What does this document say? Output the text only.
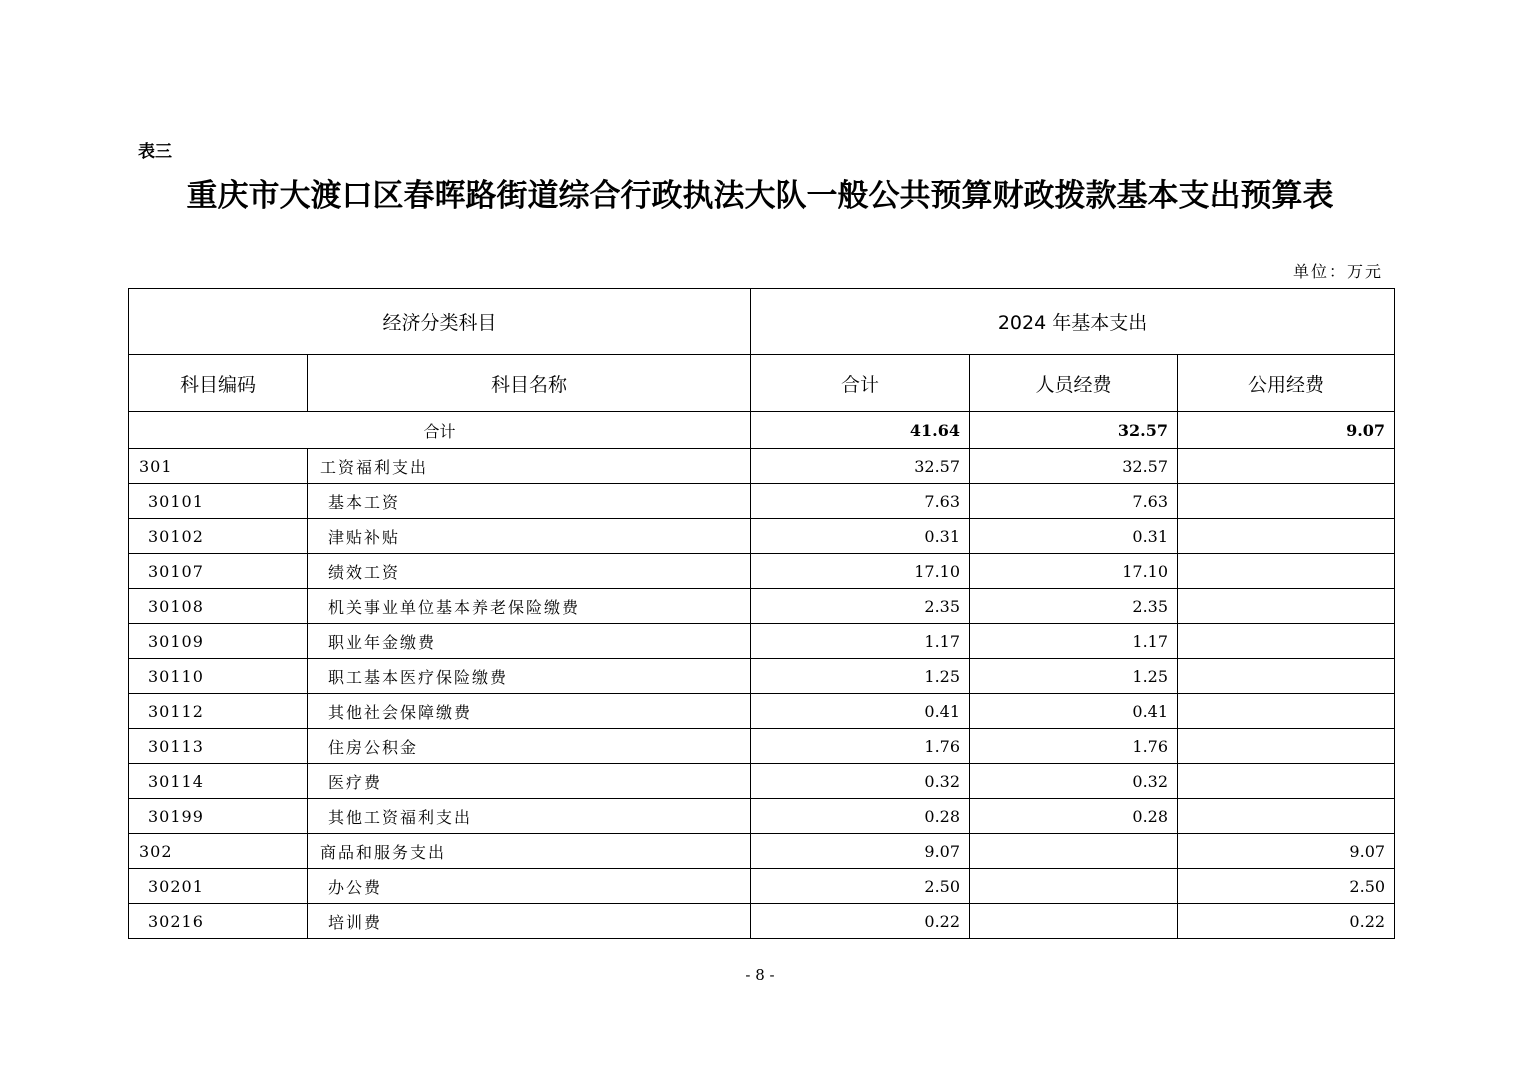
表三
重庆市大渡口区春晖路街道综合行政执法大队一般公共预算财政拨款基本支出预算表
单位：万元
经济分类科目		2024 年基本支出		
科目编码	科目名称	合计	人员经费	公用经费
合计		41.64	32.57	9.07
301	工资福利支出	32.57	32.57	
30101	基本工资	7.63	7.63	
30102	津贴补贴	0.31	0.31	
30107	绩效工资	17.10	17.10	
30108	机关事业单位基本养老保险缴费	2.35	2.35	
30109	职业年金缴费	1.17	1.17	
30110	职工基本医疗保险缴费	1.25	1.25	
30112	其他社会保障缴费	0.41	0.41	
30113	住房公积金	1.76	1.76	
30114	医疗费	0.32	0.32	
30199	其他工资福利支出	0.28	0.28	
302	商品和服务支出	9.07		9.07
30201	办公费	2.50		2.50
30216	培训费	0.22		0.22
- 8 -
